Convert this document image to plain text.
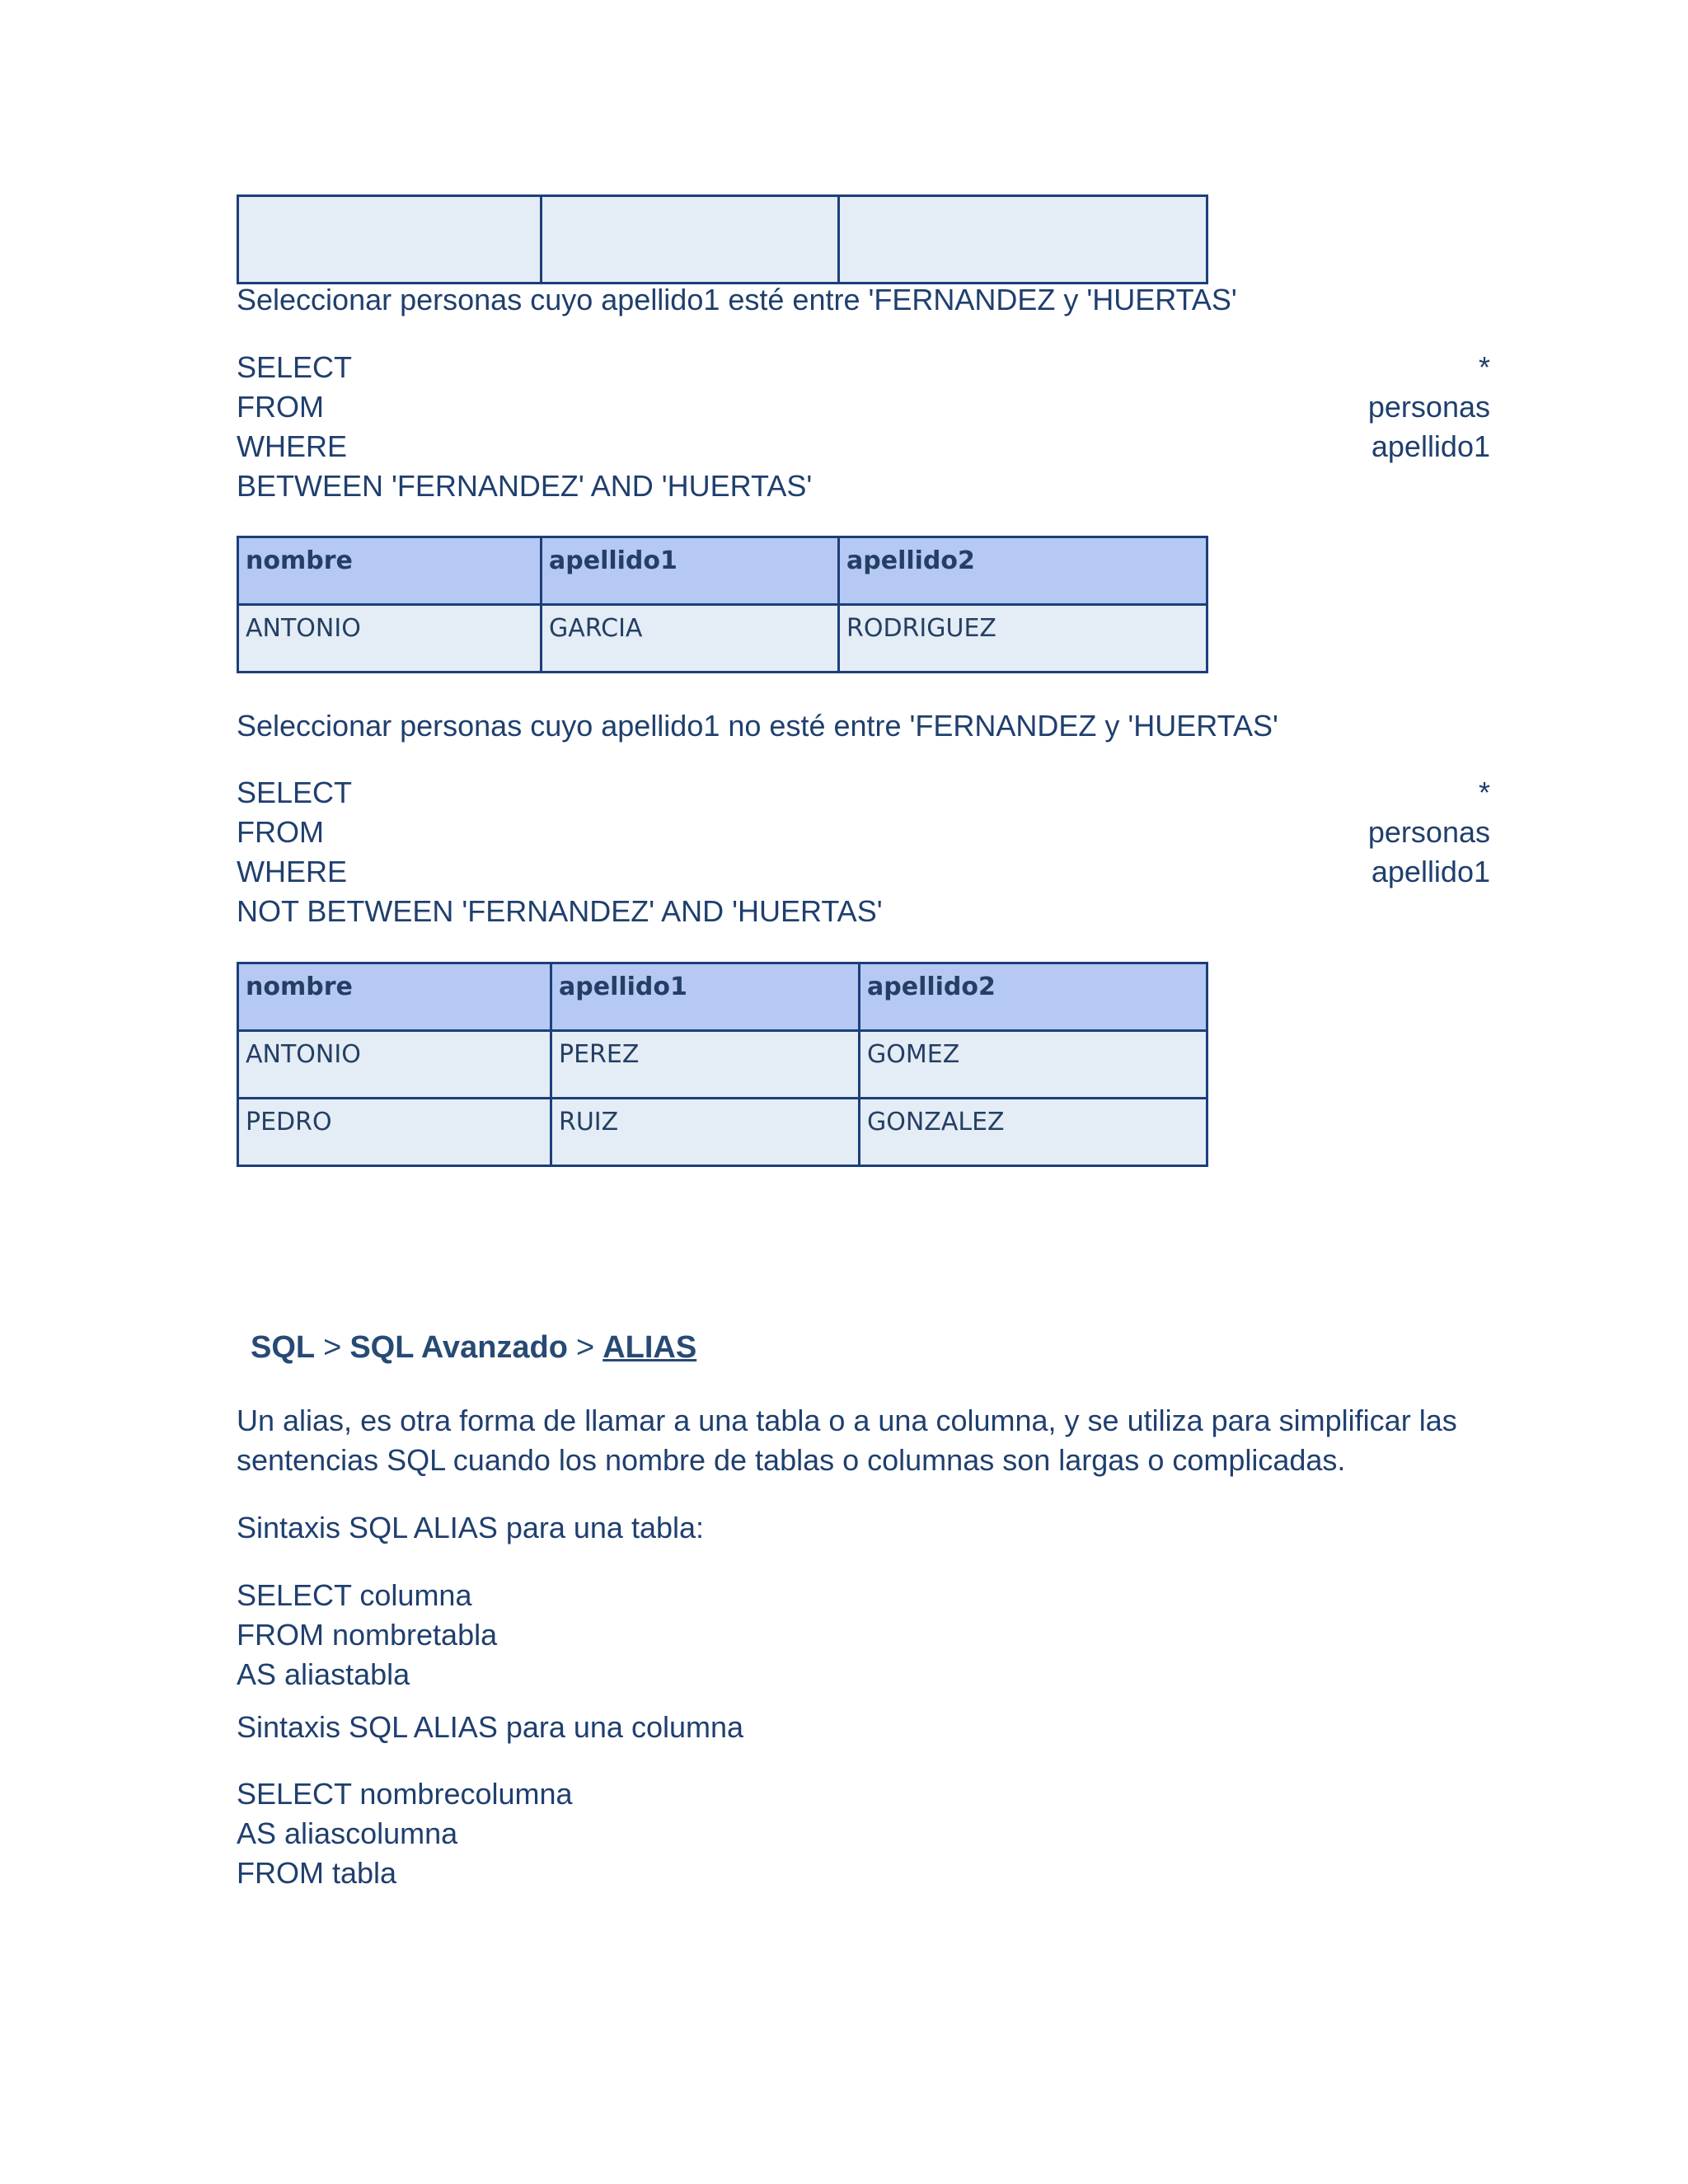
Seleccionar personas cuyo apellido1 esté entre 'FERNANDEZ y 'HUERTAS'

SELECT	*
FROM	personas
WHERE	apellido1
BETWEEN 'FERNANDEZ' AND 'HUERTAS'
nombre	apellido1	apellido2
ANTONIO	GARCIA	RODRIGUEZ

Seleccionar personas cuyo apellido1 no esté entre 'FERNANDEZ y 'HUERTAS'

SELECT	*
FROM	personas
WHERE	apellido1
NOT BETWEEN 'FERNANDEZ' AND 'HUERTAS'
nombre	apellido1	apellido2
ANTONIO	PEREZ	GOMEZ
PEDRO	RUIZ	GONZALEZ
SQL > SQL Avanzado > ALIAS

Un alias, es otra forma de llamar a una tabla o a una columna, y se utiliza para simplificar las sentencias SQL cuando los nombre de tablas o columnas son largas o complicadas.

Sintaxis SQL ALIAS para una tabla:

SELECT columna

FROM nombretabla

AS aliastabla

Sintaxis SQL ALIAS para una columna

SELECT nombrecolumna

AS aliascolumna

FROM tabla
